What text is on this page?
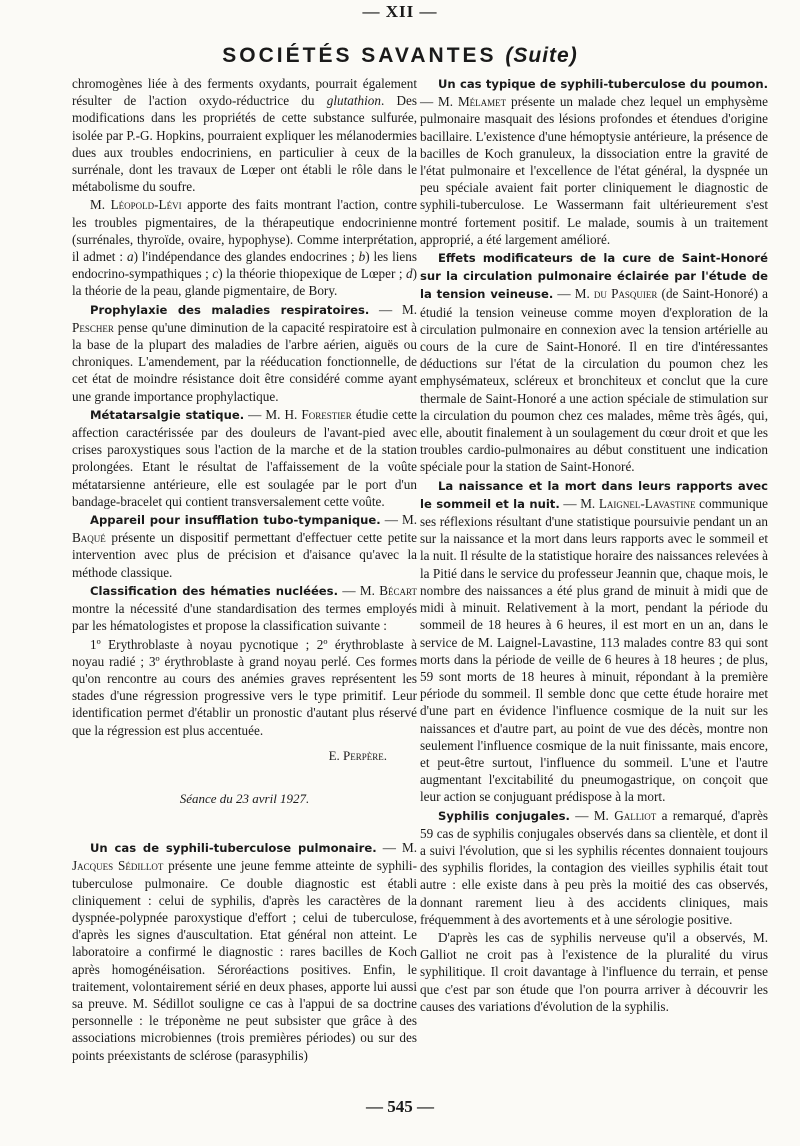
— XII —
SOCIÉTÉS SAVANTES (Suite)

chromogènes liée à des ferments oxydants, pourrait également résulter de l'action oxydo-réductrice du glutathion. Des modifications dans les propriétés de cette substance sulfurée, isolée par P.-G. Hopkins, pourraient expliquer les mélanodermies dues aux troubles endocriniens, en particulier à ceux de la surrénale, dont les travaux de Lœper ont établi le rôle dans le métabolisme du soufre.

M. Léopold-Lévi apporte des faits montrant l'action, contre les troubles pigmentaires, de la thérapeutique endocrinienne (surrénales, thyroïde, ovaire, hypophyse). Comme interprétation, il admet : a) l'indépendance des glandes endocrines ; b) les liens endocrino-sympathiques ; c) la théorie thiopexique de Lœper ; d) la théorie de la peau, glande pigmentaire, de Bory.

Prophylaxie des maladies respiratoires. — M. Pescher pense qu'une diminution de la capacité respiratoire est à la base de la plupart des maladies de l'arbre aérien, aiguës ou chroniques. L'amendement, par la rééducation fonctionnelle, de cet état de moindre résistance doit être considéré comme ayant une grande importance prophylactique.

Métatarsalgie statique. — M. H. Forestier étudie cette affection caractérissée par des douleurs de l'avant-pied avec crises paroxystiques sous l'action de la marche et de la station prolongées. Etant le résultat de l'affaissement de la voûte métatarsienne antérieure, elle est soulagée par le port d'un bandage-bracelet qui contient transversalement cette voûte.

Appareil pour insufflation tubo-tympanique. — M. Baqué présente un dispositif permettant d'effectuer cette petite intervention avec plus de précision et d'aisance qu'avec la méthode classique.

Classification des hématies nucléées. — M. Bécart montre la nécessité d'une standardisation des termes employés par les hématologistes et propose la classification suivante :

1º Erythroblaste à noyau pycnotique ; 2º érythroblaste à noyau radié ; 3º érythroblaste à grand noyau perlé. Ces formes qu'on rencontre au cours des anémies graves représentent les stades d'une régression progressive vers le type primitif. Leur identification permet d'établir un pronostic d'autant plus réservé que la régression est plus accentuée.

E. Perpère.
Séance du 23 avril 1927.

Un cas de syphili-tuberculose pulmonaire. — M. Jacques Sédillot présente une jeune femme atteinte de syphili-tuberculose pulmonaire. Ce double diagnostic est établi cliniquement : celui de syphilis, d'après les caractères de la dyspnée-polypnée paroxystique d'effort ; celui de tuberculose, d'après les signes d'auscultation. Etat général non atteint. Le laboratoire a confirmé le diagnostic : rares bacilles de Koch après homogénéisation. Séroréactions positives. Enfin, le traitement, volontairement sérié en deux phases, apporte lui aussi sa preuve. M. Sédillot souligne ce cas à l'appui de sa doctrine personnelle : le tréponème ne peut subsister que grâce à des associations microbiennes (trois premières périodes) ou sur des points préexistants de sclérose (parasyphilis)

Un cas typique de syphili-tuberculose du poumon. — M. Mélamet présente un malade chez lequel un emphysème pulmonaire masquait des lésions profondes et étendues d'origine bacillaire. L'existence d'une hémoptysie antérieure, la présence de bacilles de Koch granuleux, la dissociation entre la gravité de l'état pulmonaire et l'excellence de l'état général, la dyspnée un peu spéciale avaient fait porter cliniquement le diagnostic de syphili-tuberculose. Le Wassermann fait ultérieurement s'est montré fortement positif. Le malade, soumis à un traitement approprié, a été largement amélioré.

Effets modificateurs de la cure de Saint-Honoré sur la circulation pulmonaire éclairée par l'étude de la tension veineuse. — M. du Pasquier (de Saint-Honoré) a étudié la tension veineuse comme moyen d'exploration de la circulation pulmonaire en connexion avec la tension artérielle au cours de la cure de Saint-Honoré. Il en tire d'intéressantes déductions sur l'état de la circulation du poumon chez les emphysémateux, scléreux et bronchiteux et conclut que la cure thermale de Saint-Honoré a une action spéciale de stimulation sur la circulation du poumon chez ces malades, même très âgés, qui, elle, aboutit finalement à un soulagement du cœur droit et que les troubles cardio-pulmonaires au début constituent une indication spéciale pour la station de Saint-Honoré.

La naissance et la mort dans leurs rapports avec le sommeil et la nuit. — M. Laignel-Lavastine communique ses réflexions résultant d'une statistique poursuivie pendant un an sur la naissance et la mort dans leurs rapports avec le sommeil et la nuit. Il résulte de la statistique horaire des naissances relevées à la Pitié dans le service du professeur Jeannin que, chaque mois, le nombre des naissances a été plus grand de minuit à midi que de midi à minuit. Relativement à la mort, pendant la période du sommeil de 18 heures à 6 heures, il est mort en un an, dans le service de M. Laignel-Lavastine, 113 malades contre 83 qui sont morts dans la période de veille de 6 heures à 18 heures ; de plus, 59 sont morts de 18 heures à minuit, répondant à la première période du sommeil. Il semble donc que cette étude horaire met d'une part en évidence l'influence cosmique de la nuit sur les naissances et d'autre part, au point de vue des décès, montre non seulement l'influence cosmique de la nuit finissante, mais encore, et peut-être surtout, l'influence du sommeil. L'une et l'autre augmentant l'excitabilité du pneumogastrique, on conçoit que leur action se conjuguant prédispose à la mort.

Syphilis conjugales. — M. Galliot a remarqué, d'après 59 cas de syphilis conjugales observés dans sa clientèle, et dont il a suivi l'évolution, que si les syphilis récentes donnaient toujours des syphilis florides, la contagion des vieilles syphilis était tout autre : elle existe dans à peu près la moitié des cas observés, donnant rarement lieu à des accidents cliniques, mais fréquemment à des avortements et à une sérologie positive.

D'après les cas de syphilis nerveuse qu'il a observés, M. Galliot ne croit pas à l'existence de la pluralité du virus syphilitique. Il croit davantage à l'influence du terrain, et pense que c'est par son étude que l'on pourra arriver à découvrir les causes des variations d'évolution de la syphilis.

— 545 —
